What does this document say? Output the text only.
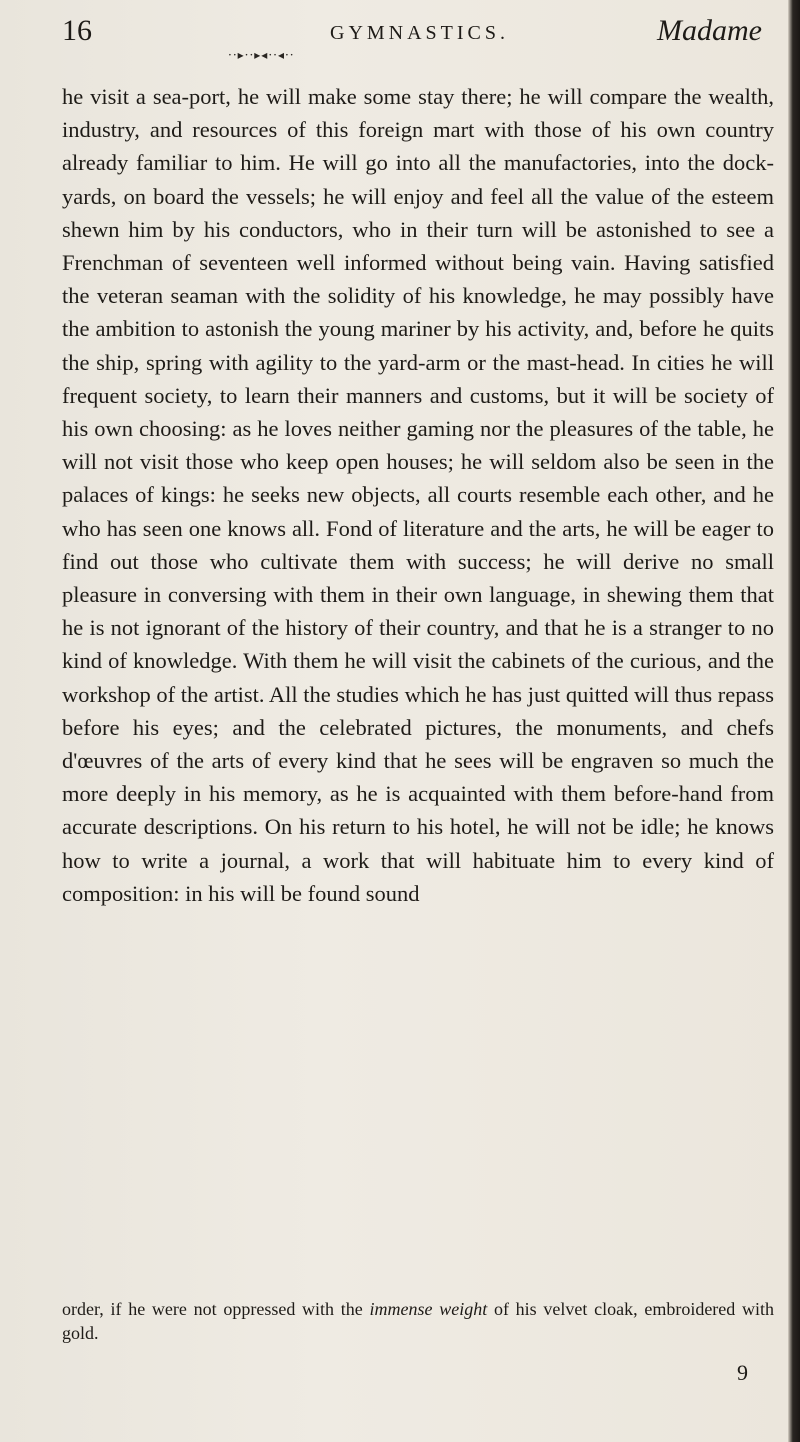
16	GYMNASTICS.	Madame
··▸··▸◂··◂··

he visit a sea-port, he will make some stay there; he will compare the wealth, industry, and resources of this foreign mart with those of his own country already familiar to him. He will go into all the manufactories, into the dock-yards, on board the vessels; he will enjoy and feel all the value of the esteem shewn him by his conductors, who in their turn will be astonished to see a Frenchman of seventeen well informed without being vain. Having satisfied the veteran seaman with the solidity of his knowledge, he may possibly have the ambition to astonish the young mariner by his activity, and, before he quits the ship, spring with agility to the yard-arm or the mast-head. In cities he will frequent society, to learn their manners and customs, but it will be society of his own choosing: as he loves neither gaming nor the pleasures of the table, he will not visit those who keep open houses; he will seldom also be seen in the palaces of kings: he seeks new objects, all courts resemble each other, and he who has seen one knows all. Fond of literature and the arts, he will be eager to find out those who cultivate them with success; he will derive no small pleasure in conversing with them in their own language, in shewing them that he is not ignorant of the history of their country, and that he is a stranger to no kind of knowledge. With them he will visit the cabinets of the curious, and the workshop of the artist. All the studies which he has just quitted will thus repass before his eyes; and the celebrated pictures, the monuments, and chefs d'œuvres of the arts of every kind that he sees will be engraven so much the more deeply in his memory, as he is acquainted with them before-hand from accurate descriptions. On his return to his hotel, he will not be idle; he knows how to write a journal, a work that will habituate him to every kind of composition: in his will be found sound

order, if he were not oppressed with the immense weight of his velvet cloak, embroidered with gold.
9
